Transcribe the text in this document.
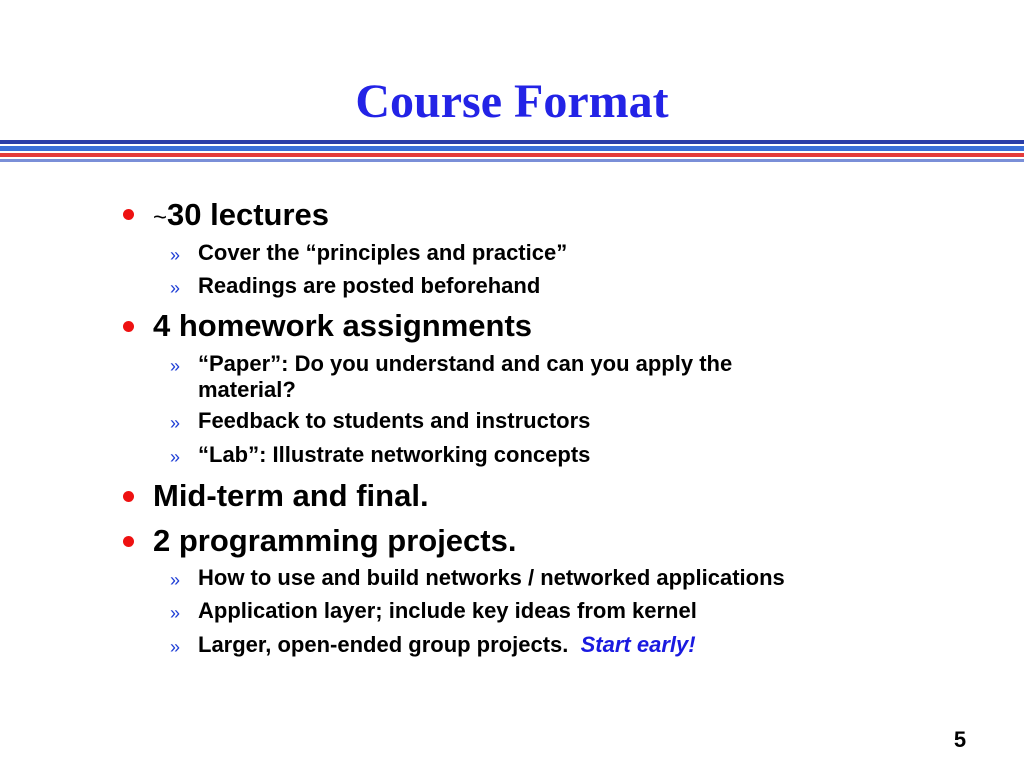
Course Format
~30 lectures
» Cover the “principles and practice”
» Readings are posted beforehand
4 homework assignments
» “Paper”: Do you understand and can you apply the
material?
» Feedback to students and instructors
» “Lab”: Illustrate networking concepts
Mid-term and final.
2 programming projects.
» How to use and build networks / networked applications
» Application layer; include key ideas from kernel
» Larger, open-ended group projects. Start early!
5
